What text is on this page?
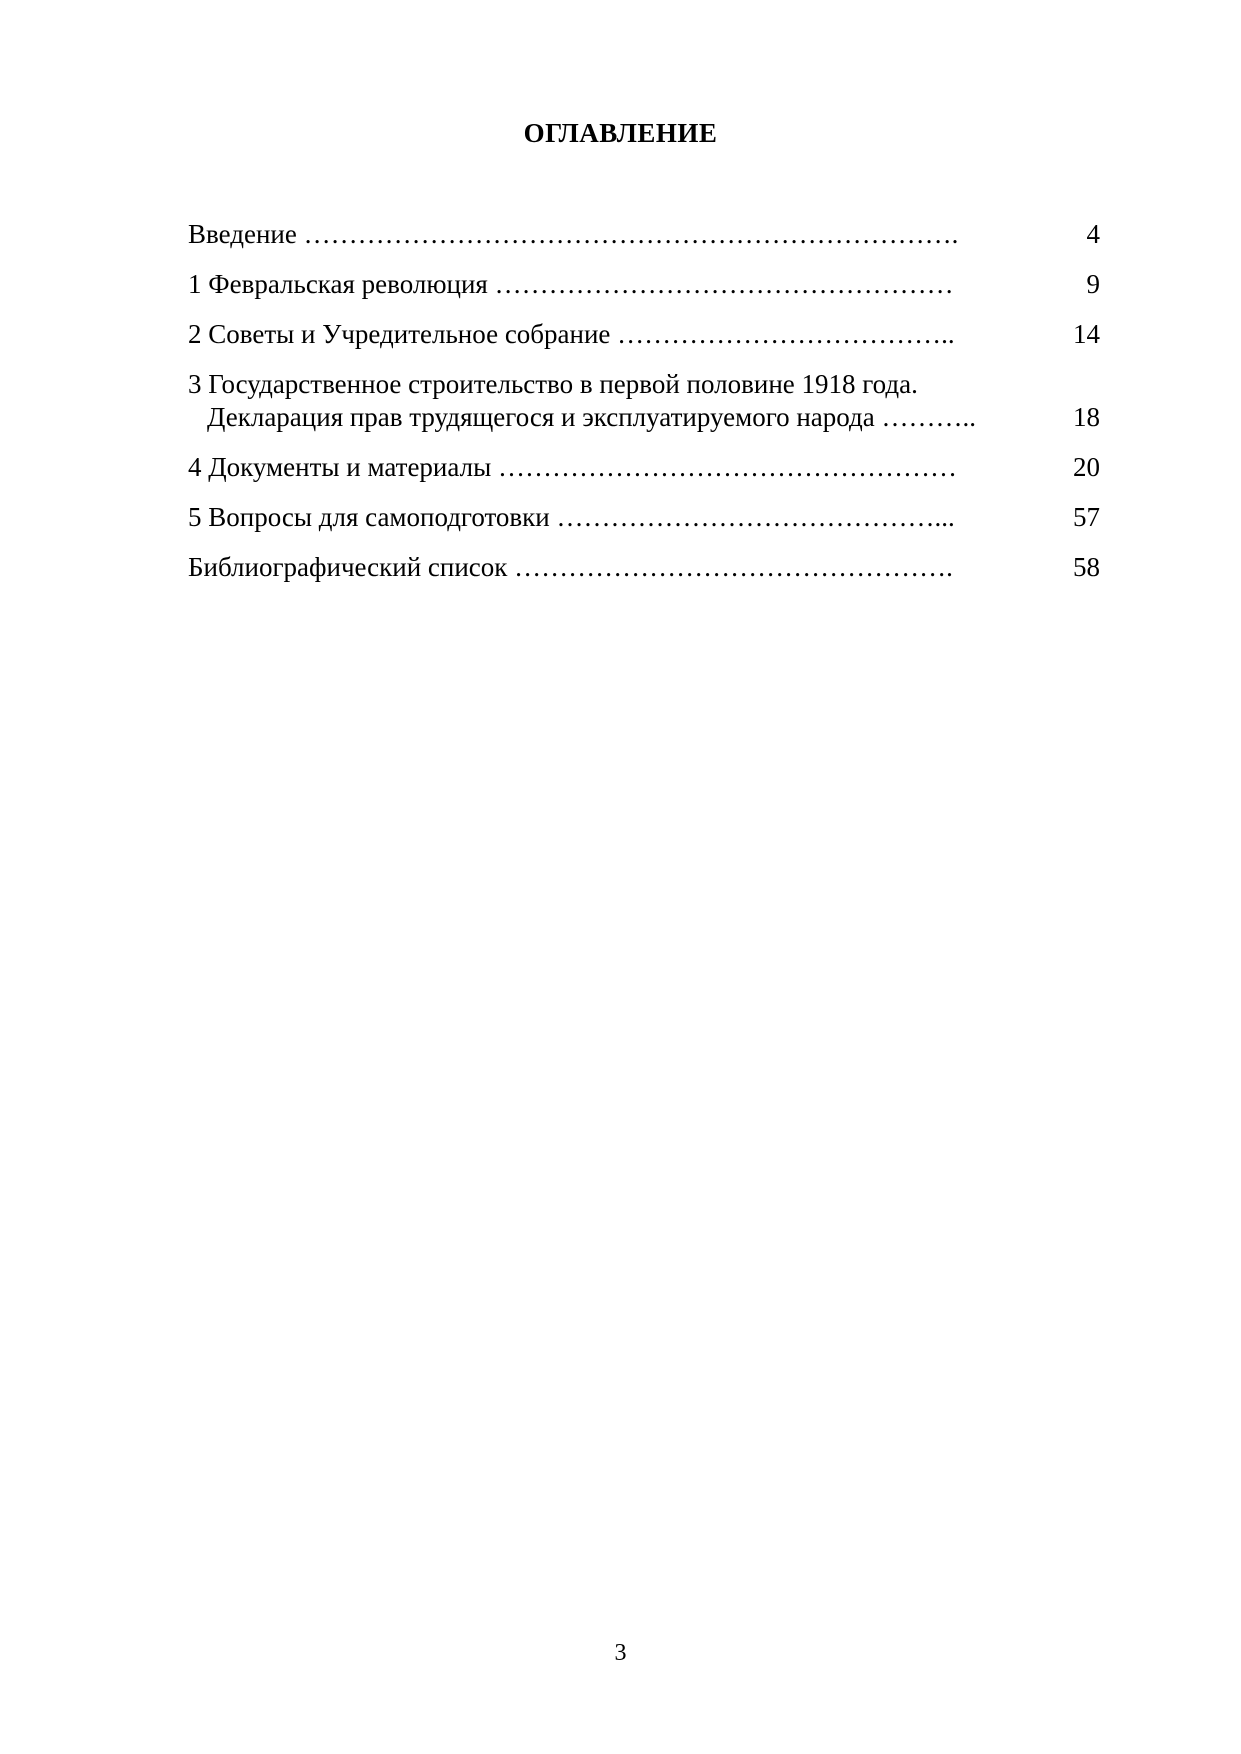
ОГЛАВЛЕНИЕ
Введение ……………………………………………………………….	4
1 Февральская революция ……………………………………………	9
2 Советы и Учредительное собрание ………………………………..	14
3 Государственное строительство в первой половине 1918 года.
Декларация прав трудящегося и эксплуатируемого народа ………..	18
4 Документы и материалы ……………………………………………	20
5 Вопросы для самоподготовки ……………………………………...	57
Библиографический список ………………………………………….	58

3
